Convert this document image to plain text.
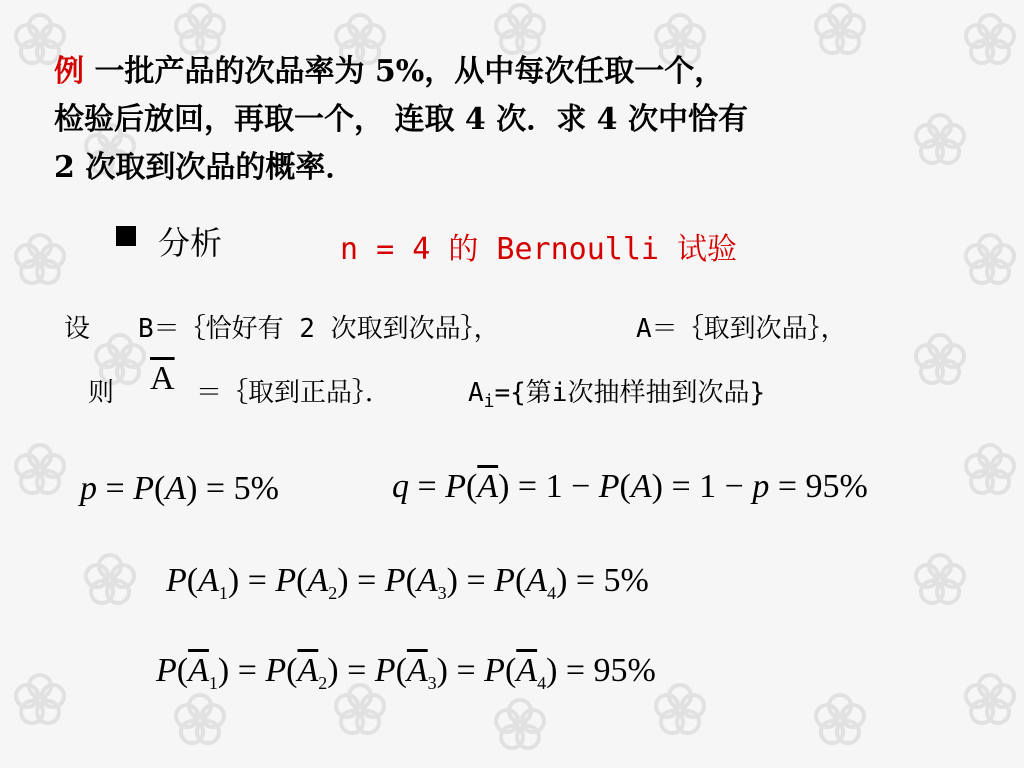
例 一批产品的次品率为 5%，从中每次任取一个，
检验后放回，再取一个， 连取 4 次．求 4 次中恰有
2 次取到次品的概率．
分析	n = 4 的 Bernoulli 试验
设 B＝｛恰好有 2 次取到次品｝，	A＝｛取到次品｝，
则 $\overline{A}$ ＝｛取到正品｝．	$A_i=${第i次抽样抽到次品}
p = P(A) = 5%	$q = P(\overline{A}) = 1 - P(A) = 1 - p = 95\%$
$P(A_1) = P(A_2) = P(A_3) = P(A_4) = 5\%$
$P(\overline{A}_1) = P(\overline{A}_2) = P(\overline{A}_3) = P(\overline{A}_4) = 95\%$
